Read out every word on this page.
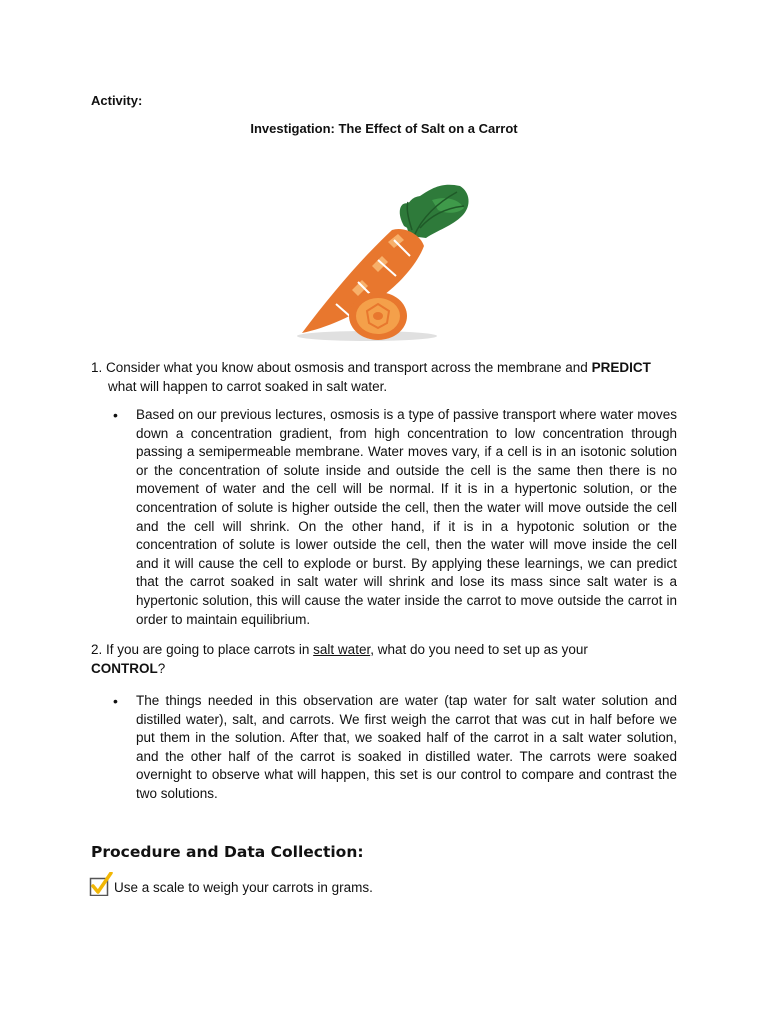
Activity:
Investigation: The Effect of Salt on a Carrot
1. Consider what you know about osmosis and transport across the membrane and PREDICT
what will happen to carrot soaked in salt water.
• Based on our previous lectures, osmosis is a type of passive transport where water moves down a concentration gradient, from high concentration to low concentration through passing a semipermeable membrane. Water moves vary, if a cell is in an isotonic solution or the concentration of solute inside and outside the cell is the same then there is no movement of water and the cell will be normal. If it is in a hypertonic solution, or the concentration of solute is higher outside the cell, then the water will move outside the cell and the cell will shrink. On the other hand, if it is in a hypotonic solution or the concentration of solute is lower outside the cell, then the water will move inside the cell and it will cause the cell to explode or burst. By applying these learnings, we can predict that the carrot soaked in salt water will shrink and lose its mass since salt water is a hypertonic solution, this will cause the water inside the carrot to move outside the carrot in order to maintain equilibrium.
2. If you are going to place carrots in salt water, what do you need to set up as your
CONTROL?
• The things needed in this observation are water (tap water for salt water solution and distilled water), salt, and carrots. We first weigh the carrot that was cut in half before we put them in the solution. After that, we soaked half of the carrot in a salt water solution, and the other half of the carrot is soaked in distilled water. The carrots were soaked overnight to observe what will happen, this set is our control to compare and contrast the two solutions.
Procedure and Data Collection:
Use a scale to weigh your carrots in grams.
